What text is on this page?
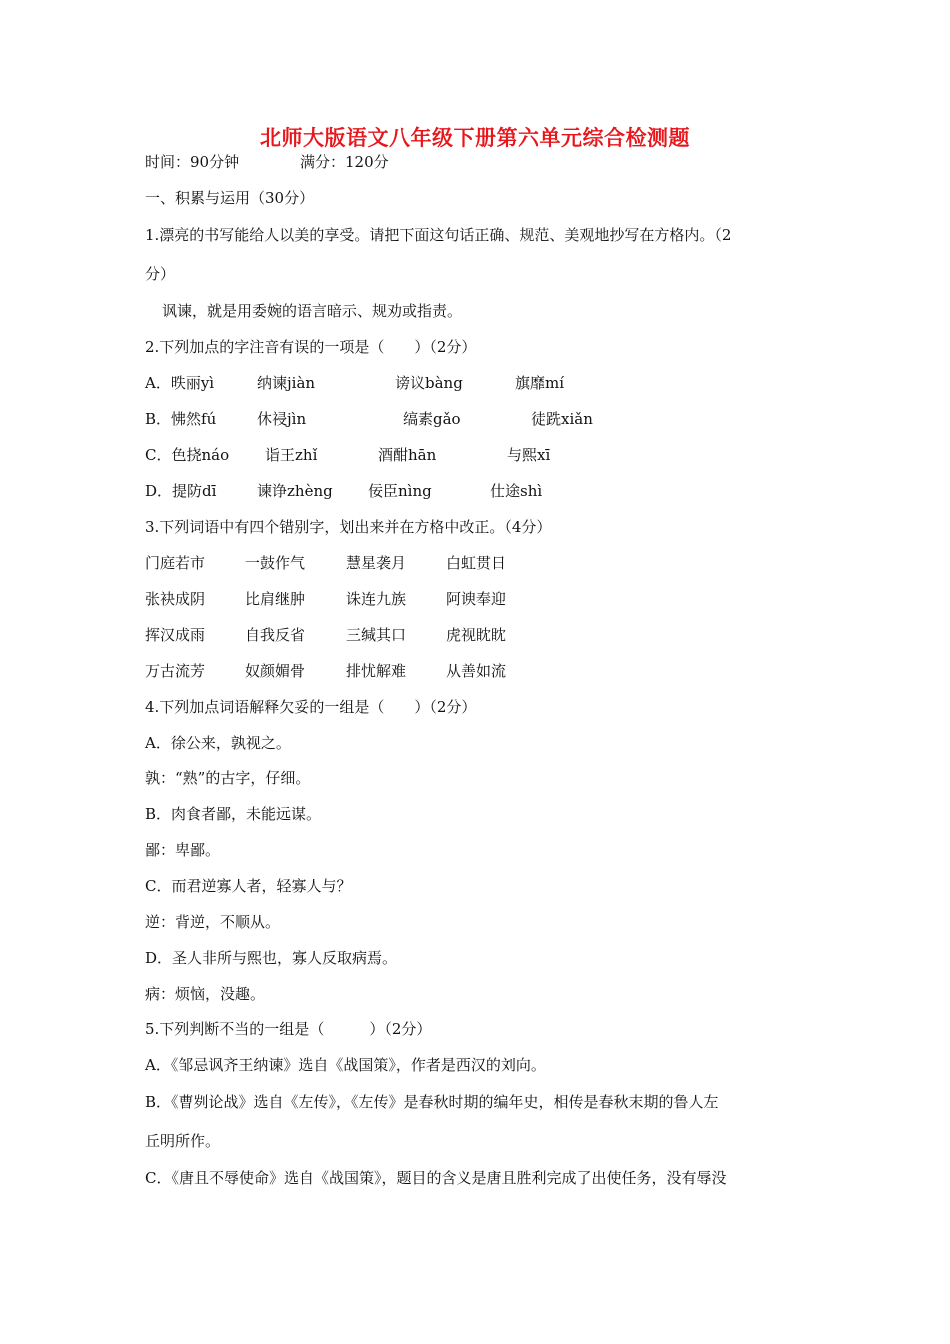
北师大版语文八年级下册第六单元综合检测题
时间：90分钟	满分：120分
一、积累与运用（30分）
1.漂亮的书写能给人以美的享受。请把下面这句话正确、规范、美观地抄写在方格内。（2
分）
讽谏，就是用委婉的语言暗示、规劝或指责。
2.下列加点的字注音有误的一项是（　　）（2分）
A．昳丽yì	纳谏jiàn	谤议bàng	旗靡mí
B．怫然fú	休祲jìn	缟素gǎo	徒跣xiǎn
C．色挠náo 诣王zhǐ	酒酣hān	与熙xī
D．提防dī	谏诤zhèng 佞臣nìng	仕途shì
3.下列词语中有四个错别字，划出来并在方格中改正。（4分）
门庭若市	一鼓作气	慧星袭月	白虹贯日
张袂成阴	比肩继肿	诛连九族	阿谀奉迎
挥汉成雨	自我反省	三缄其口	虎视眈眈
万古流芳	奴颜媚骨	排忧解难	从善如流
4.下列加点词语解释欠妥的一组是（　　）（2分）
A．徐公来，孰视之。
孰：“熟”的古字，仔细。
B．肉食者鄙，未能远谋。
鄙：卑鄙。
C．而君逆寡人者，轻寡人与？
逆：背逆，不顺从。
D．圣人非所与熙也，寡人反取病焉。
病：烦恼，没趣。
5.下列判断不当的一组是（　　　）（2分）
A．《邹忌讽齐王纳谏》选自《战国策》，作者是西汉的刘向。
B．《曹刿论战》选自《左传》，《左传》是春秋时期的编年史，相传是春秋末期的鲁人左
丘明所作。
C．《唐且不辱使命》选自《战国策》，题目的含义是唐且胜利完成了出使任务，没有辱没
